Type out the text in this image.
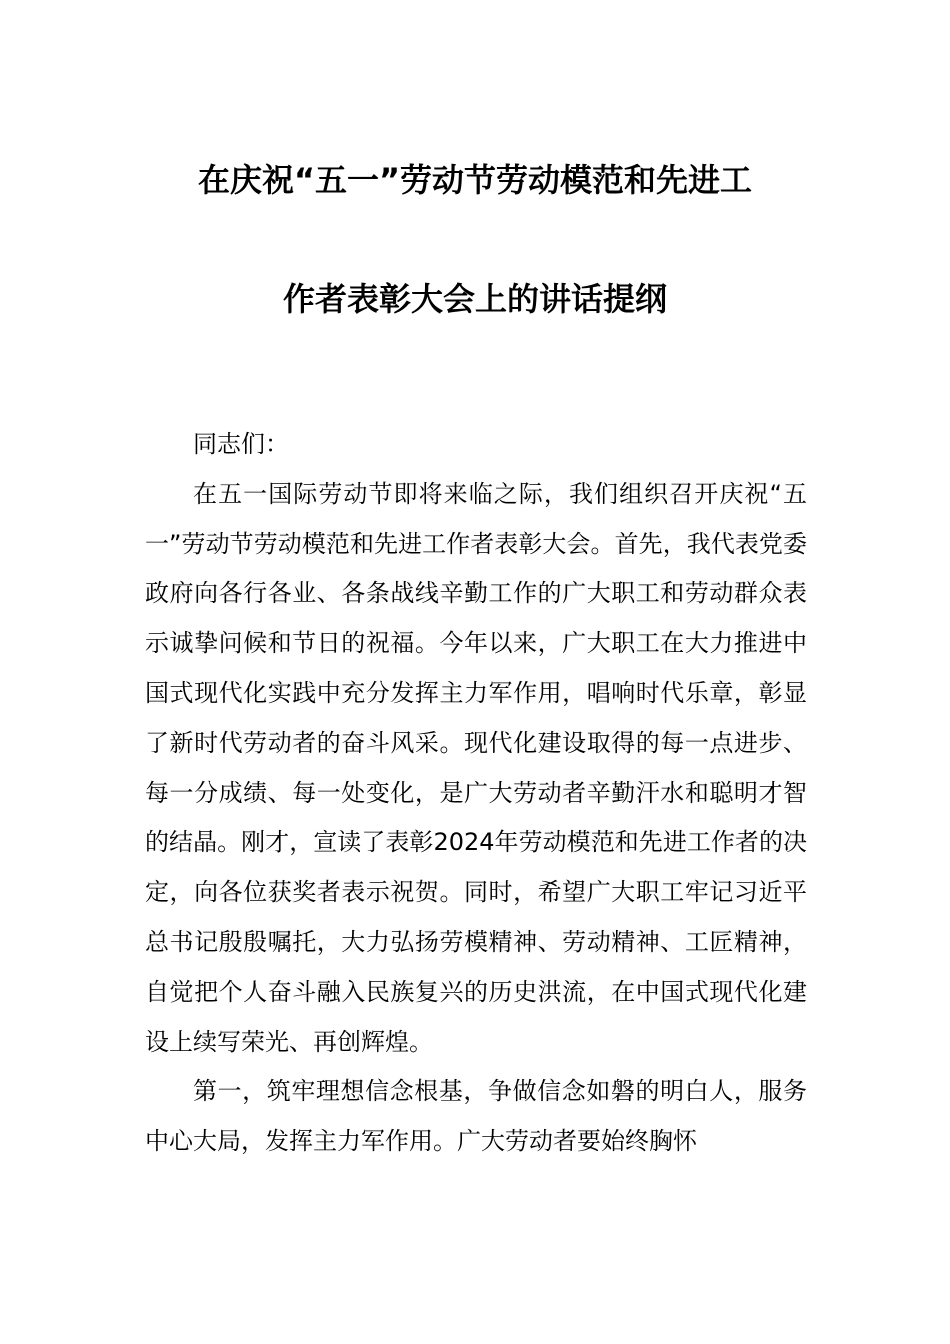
在庆祝“五一”劳动节劳动模范和先进工
作者表彰大会上的讲话提纲

同志们：

在五一国际劳动节即将来临之际，我们组织召开庆祝“五一”劳动节劳动模范和先进工作者表彰大会。首先，我代表党委政府向各行各业、各条战线辛勤工作的广大职工和劳动群众表示诚挚问候和节日的祝福。今年以来，广大职工在大力推进中国式现代化实践中充分发挥主力军作用，唱响时代乐章，彰显了新时代劳动者的奋斗风采。现代化建设取得的每一点进步、每一分成绩、每一处变化，是广大劳动者辛勤汗水和聪明才智的结晶。刚才，宣读了表彰2024年劳动模范和先进工作者的决定，向各位获奖者表示祝贺。同时，希望广大职工牢记习近平总书记殷殷嘱托，大力弘扬劳模精神、劳动精神、工匠精神，自觉把个人奋斗融入民族复兴的历史洪流，在中国式现代化建设上续写荣光、再创辉煌。

第一，筑牢理想信念根基，争做信念如磐的明白人，服务中心大局，发挥主力军作用。广大劳动者要始终胸怀
